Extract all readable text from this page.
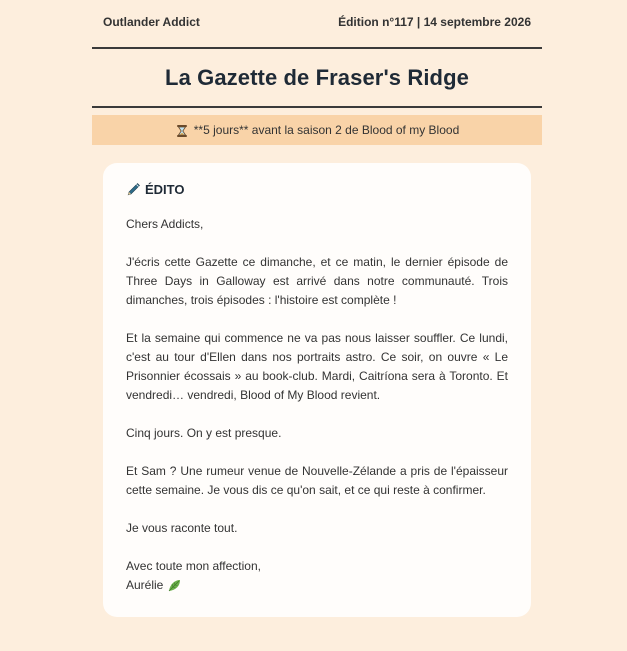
Outlander Addict	Édition n°117 | 14 septembre 2026
La Gazette de Fraser's Ridge
**5 jours** avant la saison 2 de Blood of my Blood
ÉDITO

Chers Addicts,

J'écris cette Gazette ce dimanche, et ce matin, le dernier épisode de Three Days in Galloway est arrivé dans notre communauté. Trois dimanches, trois épisodes : l'histoire est complète !

Et la semaine qui commence ne va pas nous laisser souffler. Ce lundi, c'est au tour d'Ellen dans nos portraits astro. Ce soir, on ouvre « Le Prisonnier écossais » au book-club. Mardi, Caitríona sera à Toronto. Et vendredi… vendredi, Blood of My Blood revient.

Cinq jours. On y est presque.

Et Sam ? Une rumeur venue de Nouvelle-Zélande a pris de l'épaisseur cette semaine. Je vous dis ce qu'on sait, et ce qui reste à confirmer.

Je vous raconte tout.

Avec toute mon affection,

Aurélie
